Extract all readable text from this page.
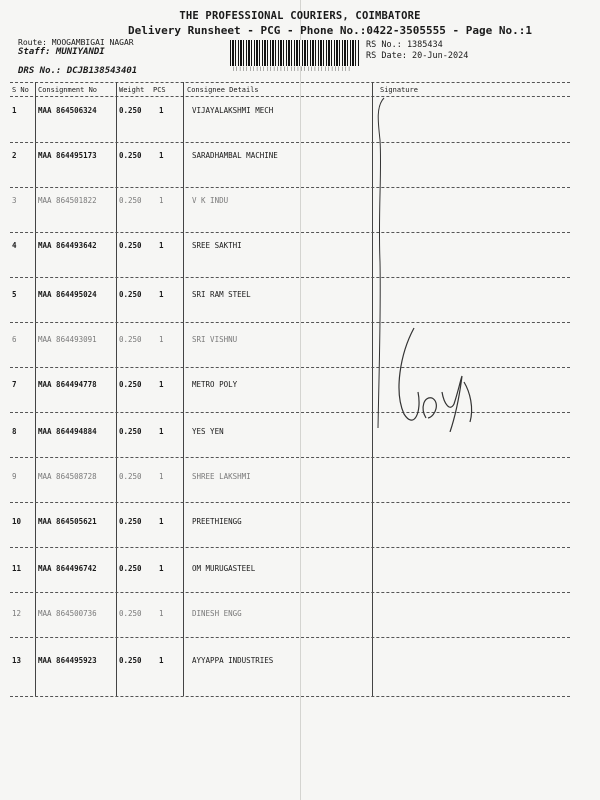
THE PROFESSIONAL COURIERS, COIMBATORE
Delivery Runsheet - PCG - Phone No.:0422-3505555 - Page No.:1
Route: MOOGAMBIGAI NAGAR
Staff: MUNIYANDI
DRS No.: DCJB138543401	|||||||||||||||||||||||||||||||||||
RS No.: 1385434
RS Date: 20-Jun-2024
S No Consignment No	Weight PCS	Consignee Details	Signature
1	MAA 864506324	0.250 1	VIJAYALAKSHMI MECH
2	MAA 864495173	0.250 1	SARADHAMBAL MACHINE
3	MAA 864501822	0.250 1	V K INDU
4	MAA 864493642	0.250 1	SREE SAKTHI
5	MAA 864495024	0.250 1	SRI RAM STEEL
6	MAA 864493091	0.250 1	SRI VISHNU
7	MAA 864494778	0.250 1	METRO POLY
8	MAA 864494884	0.250 1	YES YEN
9	MAA 864508728	0.250 1	SHREE LAKSHMI
10 MAA 864505621	0.250 1	PREETHIENGG
11 MAA 864496742	0.250 1	OM MURUGASTEEL
12 MAA 864500736	0.250 1	DINESH ENGG
13 MAA 864495923	0.250 1	AYYAPPA INDUSTRIES
